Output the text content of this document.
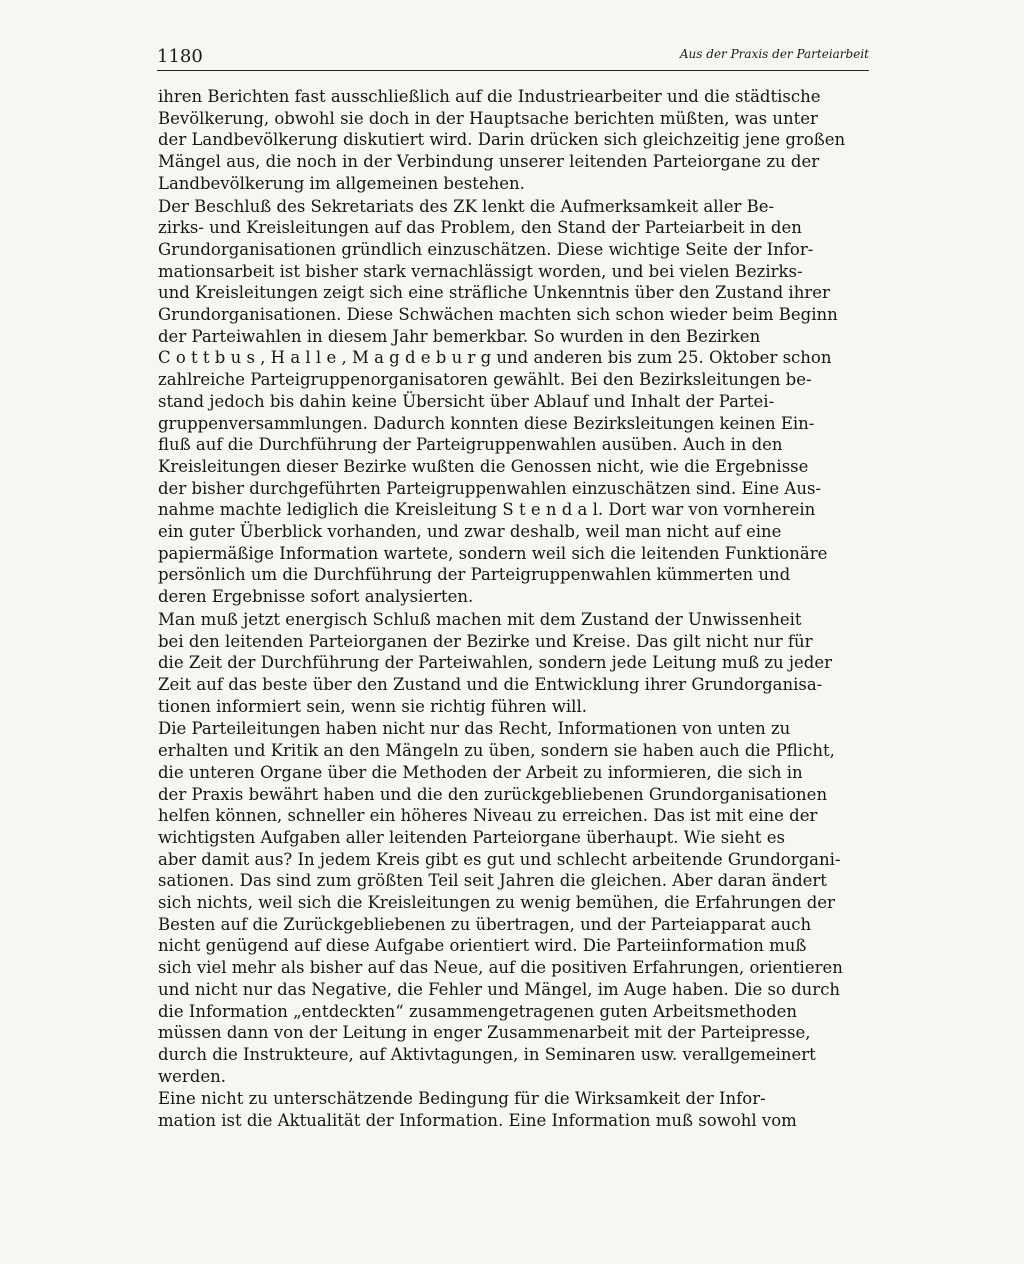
1180	Aus der Praxis der Parteiarbeit

ihren Berichten fast ausschließlich auf die Industriearbeiter und die städtische
Bevölkerung, obwohl sie doch in der Hauptsache berichten müßten, was unter
der Landbevölkerung diskutiert wird. Darin drücken sich gleichzeitig jene großen
Mängel aus, die noch in der Verbindung unserer leitenden Parteiorgane zu der
Landbevölkerung im allgemeinen bestehen.

Der Beschluß des Sekretariats des ZK lenkt die Aufmerksamkeit aller Be-
zirks- und Kreisleitungen auf das Problem, den Stand der Parteiarbeit in den
Grundorganisationen gründlich einzuschätzen. Diese wichtige Seite der Infor-
mationsarbeit ist bisher stark vernachlässigt worden, und bei vielen Bezirks-
und Kreisleitungen zeigt sich eine sträfliche Unkenntnis über den Zustand ihrer
Grundorganisationen. Diese Schwächen machten sich schon wieder beim Beginn
der Parteiwahlen in diesem Jahr bemerkbar. So wurden in den Bezirken
C o t t b u s , H a l l e , M a g d e b u r g und anderen bis zum 25. Oktober schon
zahlreiche Parteigruppenorganisatoren gewählt. Bei den Bezirksleitungen be-
stand jedoch bis dahin keine Übersicht über Ablauf und Inhalt der Partei-
gruppenversammlungen. Dadurch konnten diese Bezirksleitungen keinen Ein-
fluß auf die Durchführung der Parteigruppenwahlen ausüben. Auch in den
Kreisleitungen dieser Bezirke wußten die Genossen nicht, wie die Ergebnisse
der bisher durchgeführten Parteigruppenwahlen einzuschätzen sind. Eine Aus-
nahme machte lediglich die Kreisleitung S t e n d a l. Dort war von vornherein
ein guter Überblick vorhanden, und zwar deshalb, weil man nicht auf eine
papiermäßige Information wartete, sondern weil sich die leitenden Funktionäre
persönlich um die Durchführung der Parteigruppenwahlen kümmerten und
deren Ergebnisse sofort analysierten.

Man muß jetzt energisch Schluß machen mit dem Zustand der Unwissenheit
bei den leitenden Parteiorganen der Bezirke und Kreise. Das gilt nicht nur für
die Zeit der Durchführung der Parteiwahlen, sondern jede Leitung muß zu jeder
Zeit auf das beste über den Zustand und die Entwicklung ihrer Grundorganisa-
tionen informiert sein, wenn sie richtig führen will.

Die Parteileitungen haben nicht nur das Recht, Informationen von unten zu
erhalten und Kritik an den Mängeln zu üben, sondern sie haben auch die Pflicht,
die unteren Organe über die Methoden der Arbeit zu informieren, die sich in
der Praxis bewährt haben und die den zurückgebliebenen Grundorganisationen
helfen können, schneller ein höheres Niveau zu erreichen. Das ist mit eine der
wichtigsten Aufgaben aller leitenden Parteiorgane überhaupt. Wie sieht es
aber damit aus? In jedem Kreis gibt es gut und schlecht arbeitende Grundorgani-
sationen. Das sind zum größten Teil seit Jahren die gleichen. Aber daran ändert
sich nichts, weil sich die Kreisleitungen zu wenig bemühen, die Erfahrungen der
Besten auf die Zurückgebliebenen zu übertragen, und der Parteiapparat auch
nicht genügend auf diese Aufgabe orientiert wird. Die Parteiinformation muß
sich viel mehr als bisher auf das Neue, auf die positiven Erfahrungen, orientieren
und nicht nur das Negative, die Fehler und Mängel, im Auge haben. Die so durch
die Information „entdeckten“ zusammengetragenen guten Arbeitsmethoden
müssen dann von der Leitung in enger Zusammenarbeit mit der Parteipresse,
durch die Instrukteure, auf Aktivtagungen, in Seminaren usw. verallgemeinert
werden.

Eine nicht zu unterschätzende Bedingung für die Wirksamkeit der Infor-
mation ist die Aktualität der Information. Eine Information muß sowohl vom
